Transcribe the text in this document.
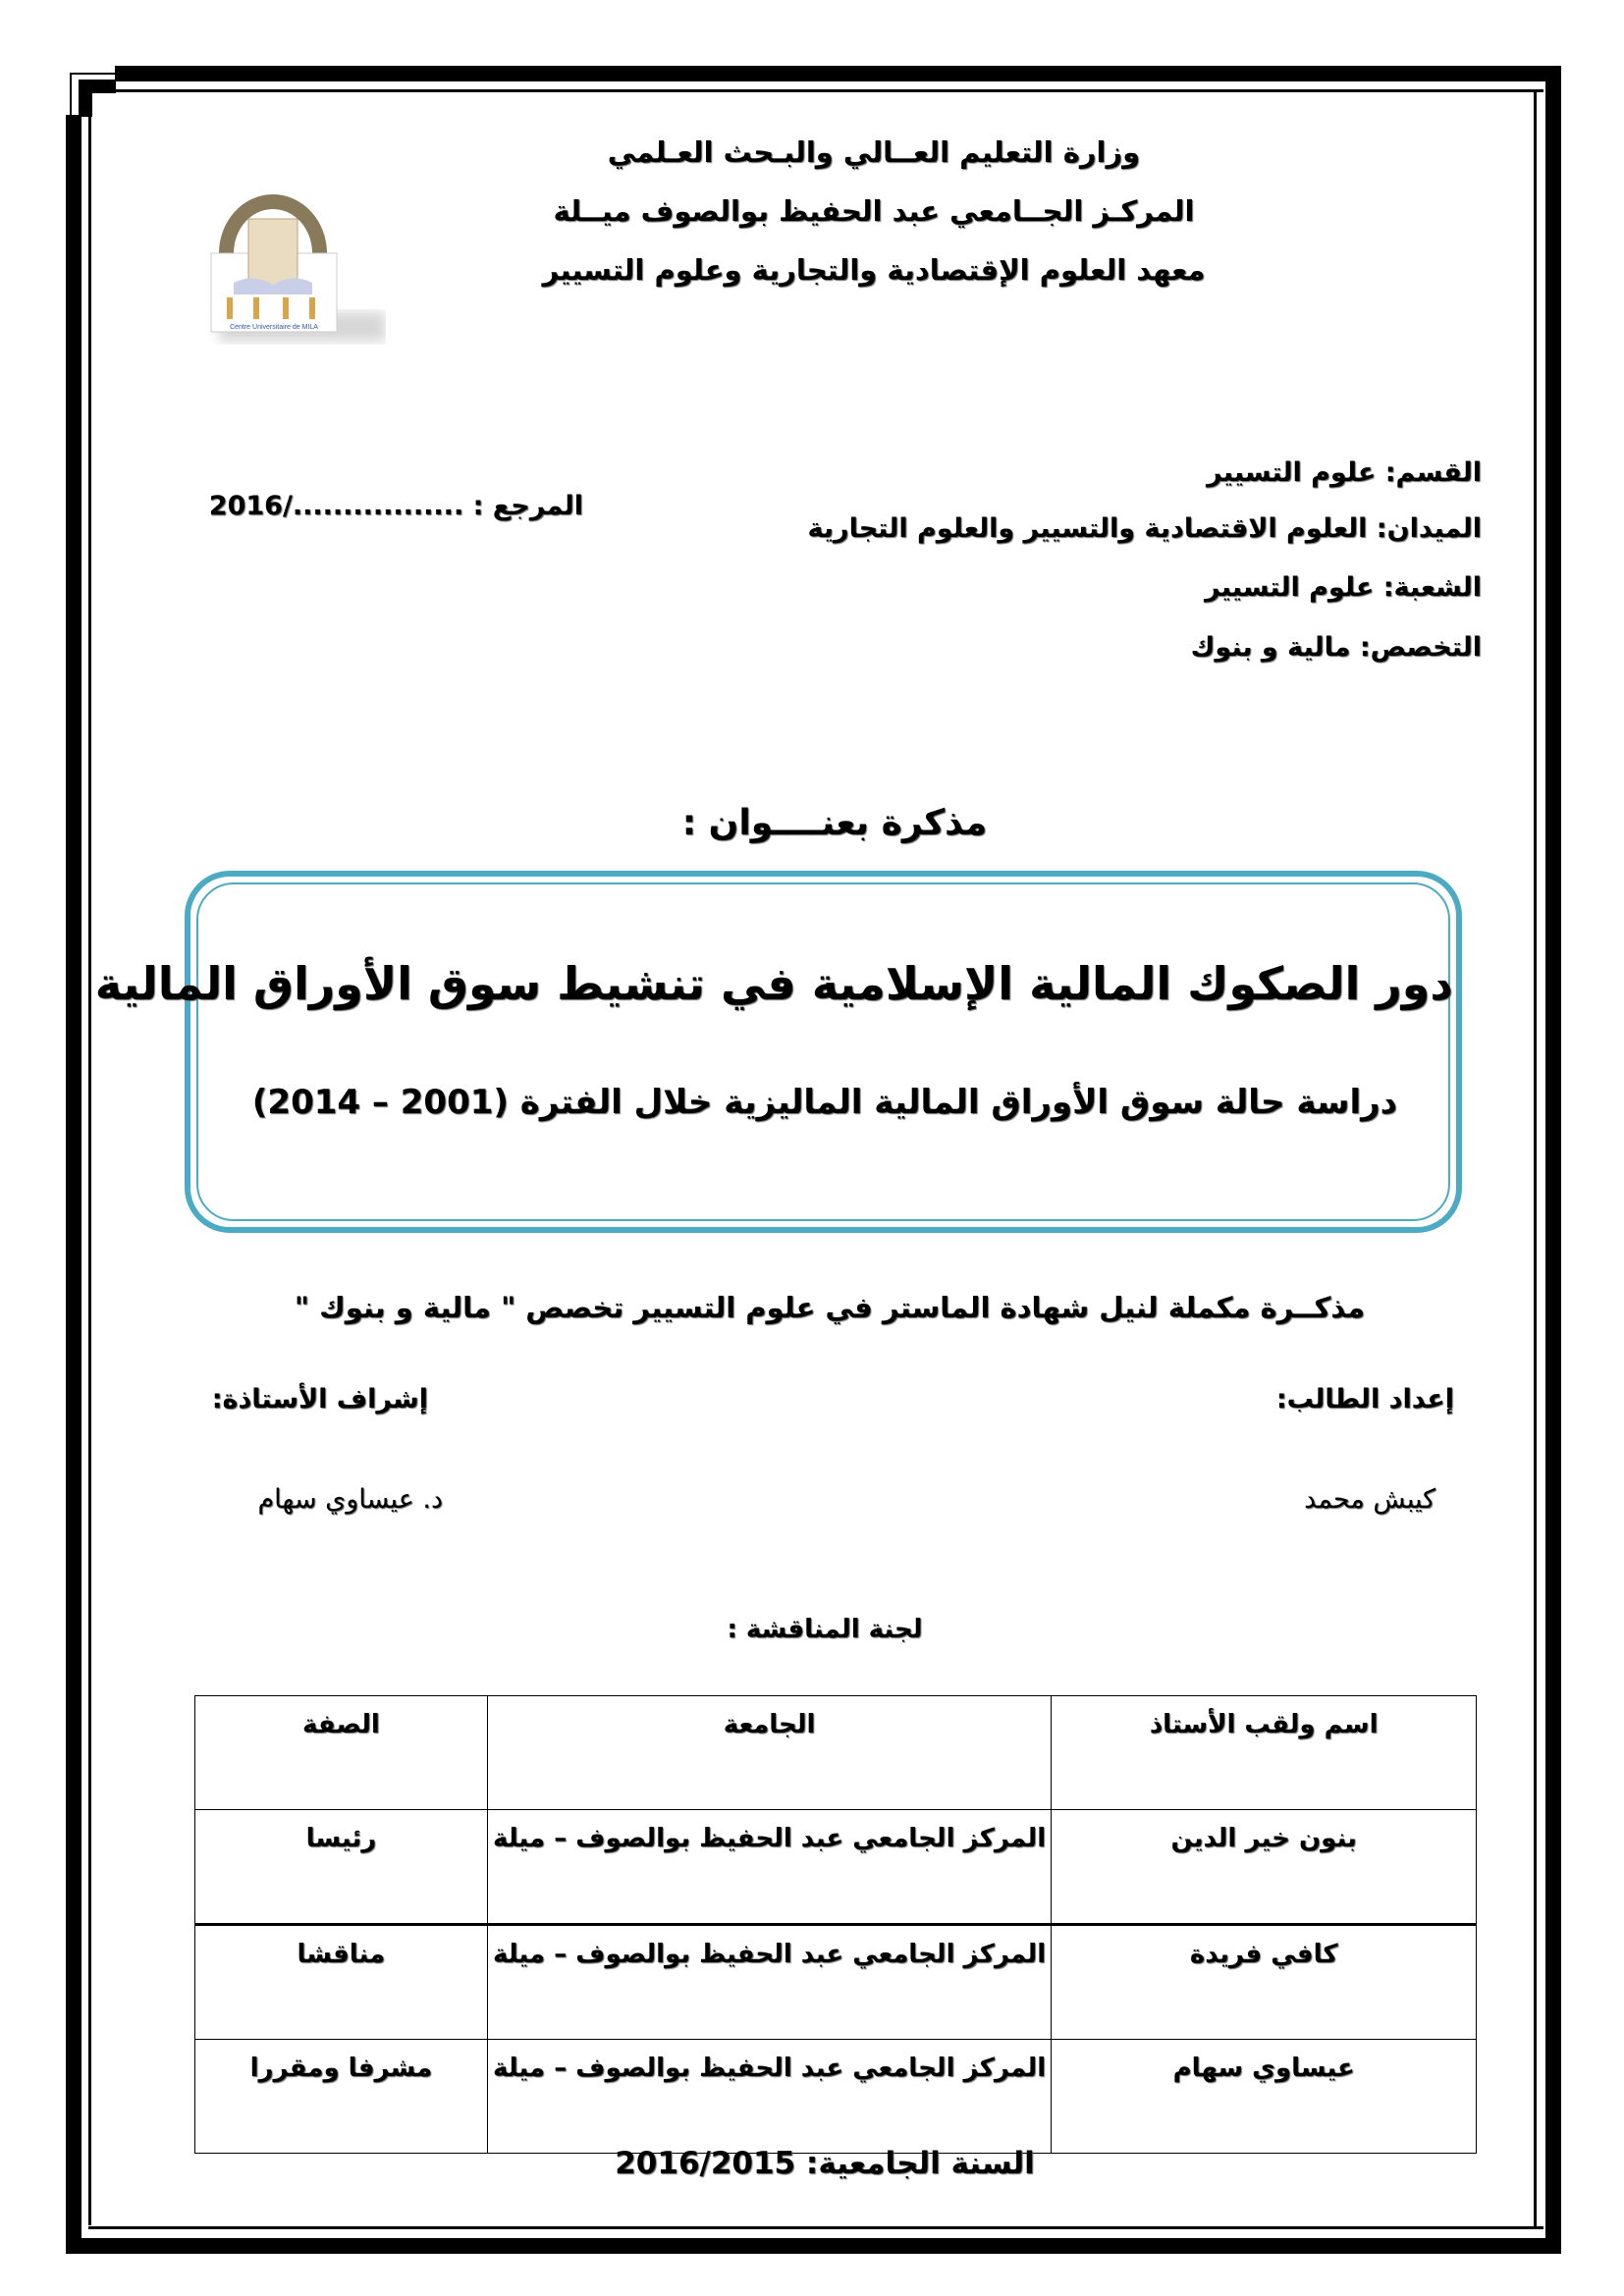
Centre Universitaire de MILA
وزارة التعليم العــالي والبـحث العـلمي
المركـز الجــامعي عبد الحفيظ بوالصوف ميــلة
معهد العلوم الإقتصادية والتجارية وعلوم التسيير
القسم: علوم التسيير
الميدان: العلوم الاقتصادية والتسيير والعلوم التجارية
الشعبة: علوم التسيير
التخصص: مالية و بنوك
المرجع : ................./2016
مذكرة بعنــــوان :
دور الصكوك المالية الإسلامية في تنشيط سوق الأوراق المالية
دراسة حالة سوق الأوراق المالية الماليزية خلال الفترة (2001 – 2014)
مذكــرة مكملة لنيل شهادة الماستر في علوم التسيير تخصص " مالية و بنوك "
إعداد الطالب:
إشراف الأستاذة:
كيبش محمد
د. عيساوي سهام
لجنة المناقشة :
اسم ولقب الأستاذ	الجامعة	الصفة
بنون خير الدين	المركز الجامعي عبد الحفيظ بوالصوف – ميلة	رئيسا
كافي فريدة	المركز الجامعي عبد الحفيظ بوالصوف – ميلة	مناقشا
عيساوي سهام	المركز الجامعي عبد الحفيظ بوالصوف – ميلة	مشرفا ومقررا
السنة الجامعية: 2016/2015
